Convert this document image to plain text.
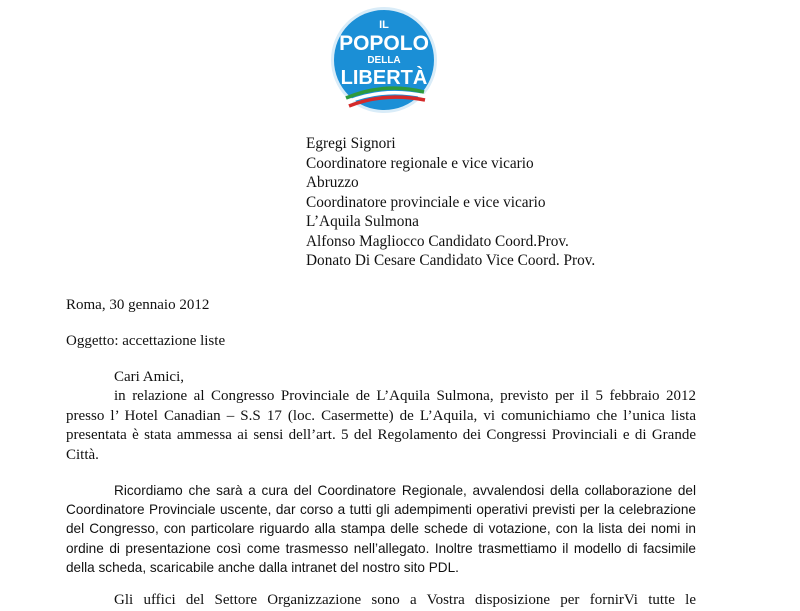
IL
POPOLO
DELLA
LIBERTÀ
Egregi Signori
Coordinatore regionale e vice vicario
Abruzzo
Coordinatore provinciale e vice vicario
L’Aquila Sulmona
Alfonso Magliocco Candidato Coord.Prov.
Donato Di Cesare Candidato Vice Coord. Prov.
Roma, 30 gennaio 2012
Oggetto: accettazione liste
Cari Amici,

in relazione al Congresso Provinciale de L’Aquila Sulmona, previsto per il 5 febbraio 2012 presso l’ Hotel Canadian – S.S 17 (loc. Casermette) de L’Aquila, vi comunichiamo che l’unica lista presentata è stata ammessa ai sensi dell’art. 5 del Regolamento dei Congressi Provinciali e di Grande Città.

Ricordiamo che sarà a cura del Coordinatore Regionale, avvalendosi della collaborazione del Coordinatore Provinciale uscente, dar corso a tutti gli adempimenti operativi previsti per la celebrazione del Congresso, con particolare riguardo alla stampa delle schede di votazione, con la lista dei nomi in ordine di presentazione così come trasmesso nell’allegato. Inoltre trasmettiamo il modello di facsimile della scheda, scaricabile anche dalla intranet del nostro sito PDL.

Gli uffici del Settore Organizzazione sono a Vostra disposizione per fornirVi tutte le
